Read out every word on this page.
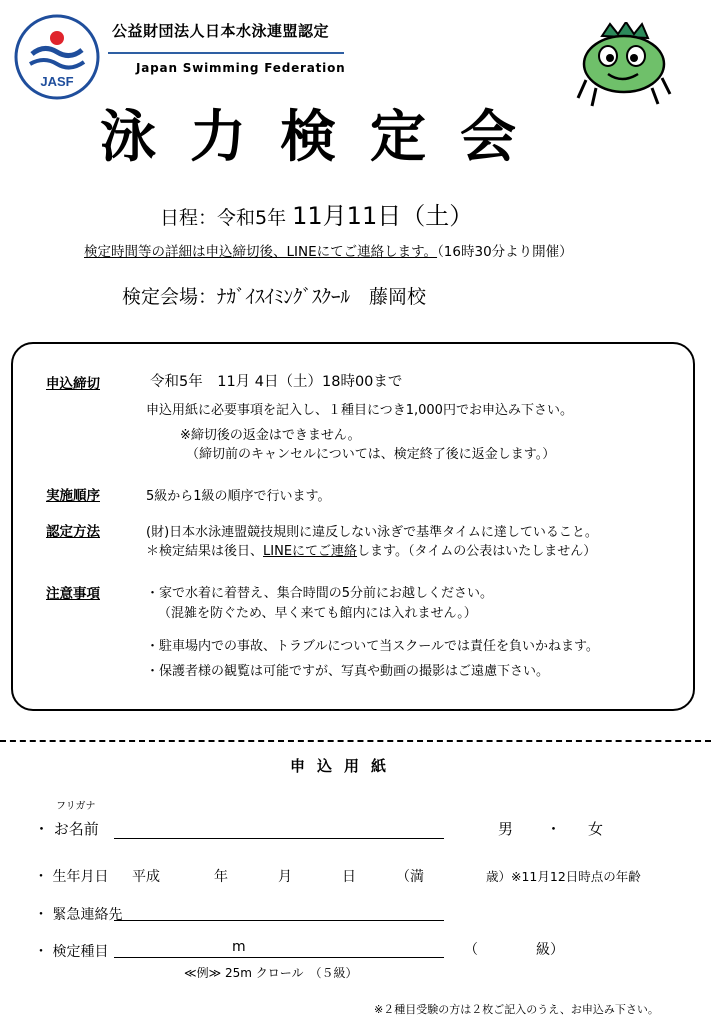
JASF
公益財団法人日本水泳連盟認定
Japan Swimming Federation
泳力検定会
日程：令和5年 11月11日（土）
検定時間等の詳細は申込締切後、LINEにてご連絡します。（16時30分より開催）
検定会場：ﾅｶﾞｲｽｲﾐﾝｸﾞｽｸｰﾙ　藤岡校
申込締切	令和5年　11月 4日（土）18時00まで
申込用紙に必要事項を記入し、１種目につき1,000円でお申込み下さい。
※締切後の返金はできません。
（締切前のキャンセルについては、検定終了後に返金します。）
実施順序	5級から1級の順序で行います。
認定方法	(財)日本水泳連盟競技規則に違反しない泳ぎで基準タイムに達していること。
＊検定結果は後日、LINEにてご連絡します。（タイムの公表はいたしません）
注意事項	・家で水着に着替え、集合時間の5分前にお越しください。
（混雑を防ぐため、早く来ても館内には入れません。）
・駐車場内での事故、トラブルについて当スクールでは責任を負いかねます。
・保護者様の観覧は可能ですが、写真や動画の撮影はご遠慮下さい。
申込用紙
フリガナ
・ お名前	男 ・ 女
・ 生年月日 平成	年	月	日	（満	歳）※11月12日時点の年齢
・ 緊急連絡先
・ 検定種目	m	（	級）
≪例≫ 25m クロール　（５級）
※２種目受験の方は２枚ご記入のうえ、お申込み下さい。
